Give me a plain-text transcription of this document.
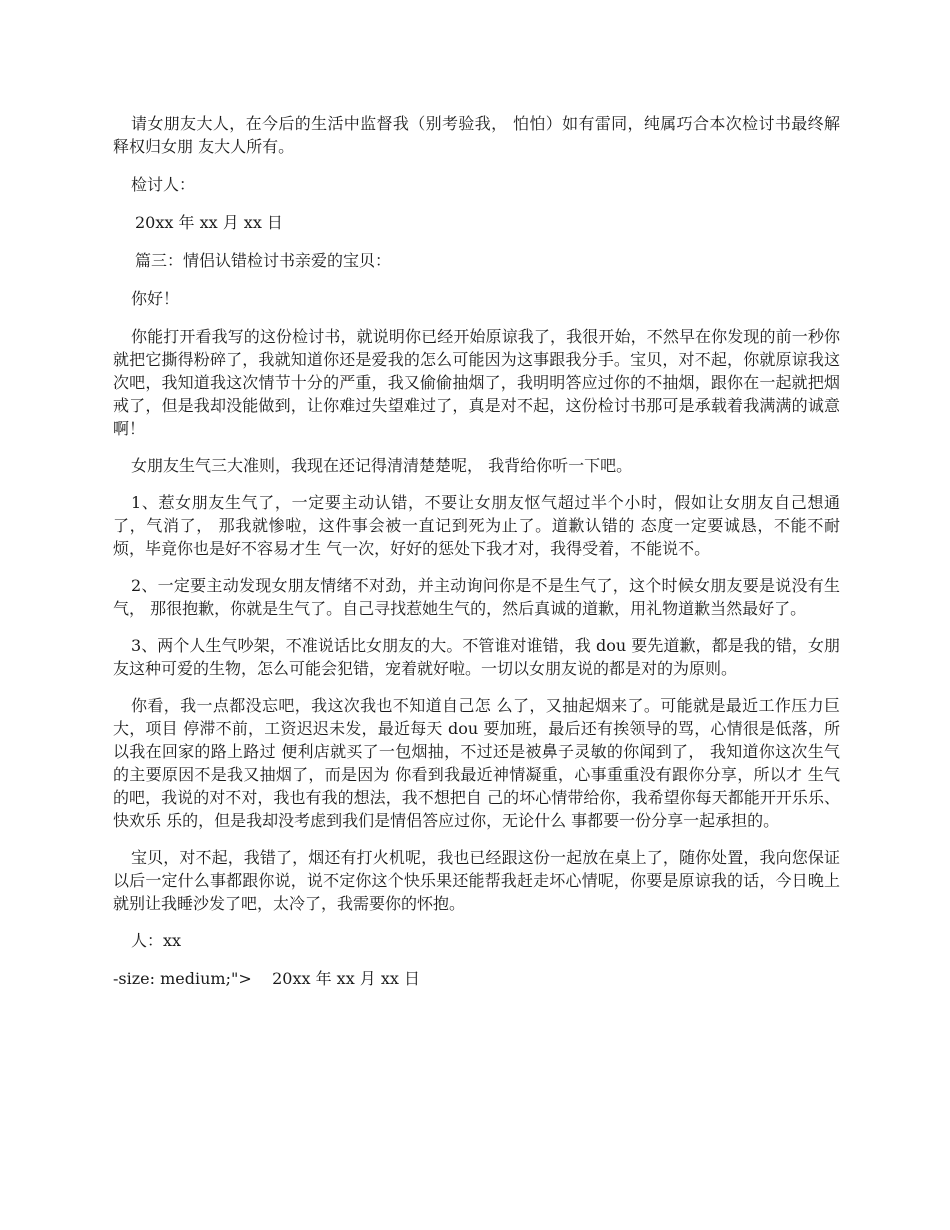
请女朋友大人，在今后的生活中监督我（别考验我， 怕怕）如有雷同，纯属巧合本次检讨书最终解释权归女朋 友大人所有。

检讨人：

20xx 年 xx 月 xx 日

篇三：情侣认错检讨书亲爱的宝贝：

你好！

你能打开看我写的这份检讨书，就说明你已经开始原谅我了，我很开始，不然早在你发现的前一秒你就把它撕得粉碎了，我就知道你还是爱我的怎么可能因为这事跟我分手。宝贝，对不起，你就原谅我这次吧，我知道我这次情节十分的严重，我又偷偷抽烟了，我明明答应过你的不抽烟，跟你在一起就把烟戒了，但是我却没能做到，让你难过失望难过了，真是对不起，这份检讨书那可是承载着我满满的诚意啊！

女朋友生气三大准则，我现在还记得清清楚楚呢， 我背给你听一下吧。

1、惹女朋友生气了，一定要主动认错，不要让女朋友怄气超过半个小时，假如让女朋友自己想通了，气消了， 那我就惨啦，这件事会被一直记到死为止了。道歉认错的 态度一定要诚恳，不能不耐烦，毕竟你也是好不容易才生 气一次，好好的惩处下我才对，我得受着，不能说不。

2、一定要主动发现女朋友情绪不对劲，并主动询问你是不是生气了，这个时候女朋友要是说没有生气， 那很抱歉，你就是生气了。自己寻找惹她生气的，然后真诚的道歉，用礼物道歉当然最好了。

3、两个人生气吵架，不准说话比女朋友的大。不管谁对谁错，我 dou 要先道歉，都是我的错，女朋友这种可爱的生物，怎么可能会犯错，宠着就好啦。一切以女朋友说的都是对的为原则。

你看，我一点都没忘吧，我这次我也不知道自己怎 么了，又抽起烟来了。可能就是最近工作压力巨大，项目 停滞不前，工资迟迟未发，最近每天 dou 要加班，最后还有挨领导的骂，心情很是低落，所以我在回家的路上路过 便利店就买了一包烟抽，不过还是被鼻子灵敏的你闻到了， 我知道你这次生气的主要原因不是我又抽烟了，而是因为 你看到我最近神情凝重，心事重重没有跟你分享，所以才 生气的吧，我说的对不对，我也有我的想法，我不想把自 己的坏心情带给你，我希望你每天都能开开乐乐、快欢乐 乐的，但是我却没考虑到我们是情侣答应过你，无论什么 事都要一份分享一起承担的。

宝贝，对不起，我错了，烟还有打火机呢，我也已经跟这份一起放在桌上了，随你处置，我向您保证以后一定什么事都跟你说，说不定你这个快乐果还能帮我赶走坏心情呢，你要是原谅我的话，今日晚上就别让我睡沙发了吧，太冷了，我需要你的怀抱。

人：xx

-size: medium;">    20xx 年 xx 月 xx 日
